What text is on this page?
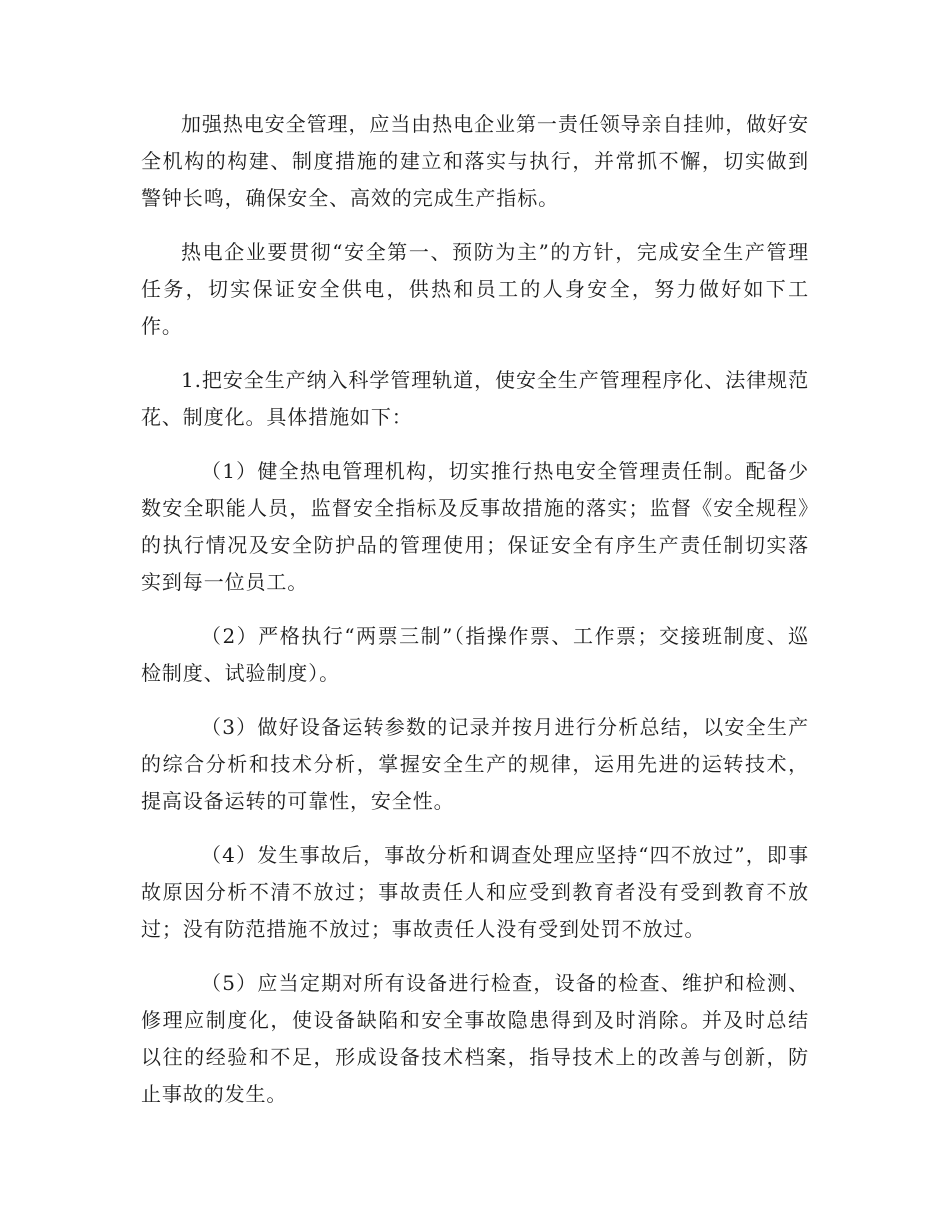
加强热电安全管理，应当由热电企业第一责任领导亲自挂帅，做好安全机构的构建、制度措施的建立和落实与执行，并常抓不懈，切实做到警钟长鸣，确保安全、高效的完成生产指标。

热电企业要贯彻“安全第一、预防为主”的方针，完成安全生产管理任务，切实保证安全供电，供热和员工的人身安全，努力做好如下工作。

1.把安全生产纳入科学管理轨道，使安全生产管理程序化、法律规范花、制度化。具体措施如下：

（1）健全热电管理机构，切实推行热电安全管理责任制。配备少数安全职能人员，监督安全指标及反事故措施的落实；监督《安全规程》的执行情况及安全防护品的管理使用；保证安全有序生产责任制切实落实到每一位员工。

（2）严格执行“两票三制”（指操作票、工作票；交接班制度、巡检制度、试验制度）。

（3）做好设备运转参数的记录并按月进行分析总结，以安全生产的综合分析和技术分析，掌握安全生产的规律，运用先进的运转技术，提高设备运转的可靠性，安全性。

（4）发生事故后，事故分析和调查处理应坚持“四不放过”，即事故原因分析不清不放过；事故责任人和应受到教育者没有受到教育不放过；没有防范措施不放过；事故责任人没有受到处罚不放过。

（5）应当定期对所有设备进行检查，设备的检查、维护和检测、修理应制度化，使设备缺陷和安全事故隐患得到及时消除。并及时总结以往的经验和不足，形成设备技术档案，指导技术上的改善与创新，防止事故的发生。
